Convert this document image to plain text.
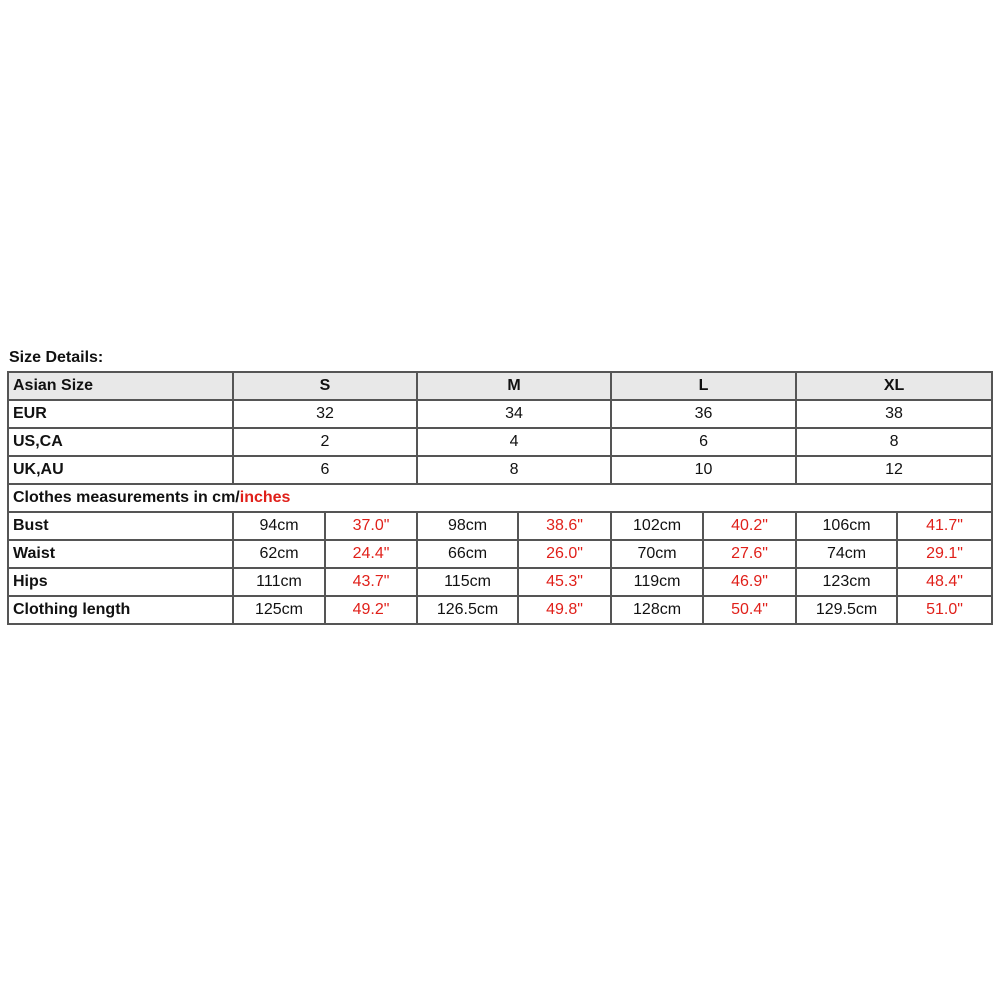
Size Details:
Asian Size	S		M		L		XL	
EUR	32		34		36		38	
US,CA	2		4		6		8	
UK,AU	6		8		10		12	
Clothes measurements in cm/inches								
Bust	94cm	37.0"	98cm	38.6"	102cm	40.2"	106cm	41.7"
Waist	62cm	24.4"	66cm	26.0"	70cm	27.6"	74cm	29.1"
Hips	111cm	43.7"	115cm	45.3"	119cm	46.9"	123cm	48.4"
Clothing length	125cm	49.2"	126.5cm	49.8"	128cm	50.4"	129.5cm	51.0"
